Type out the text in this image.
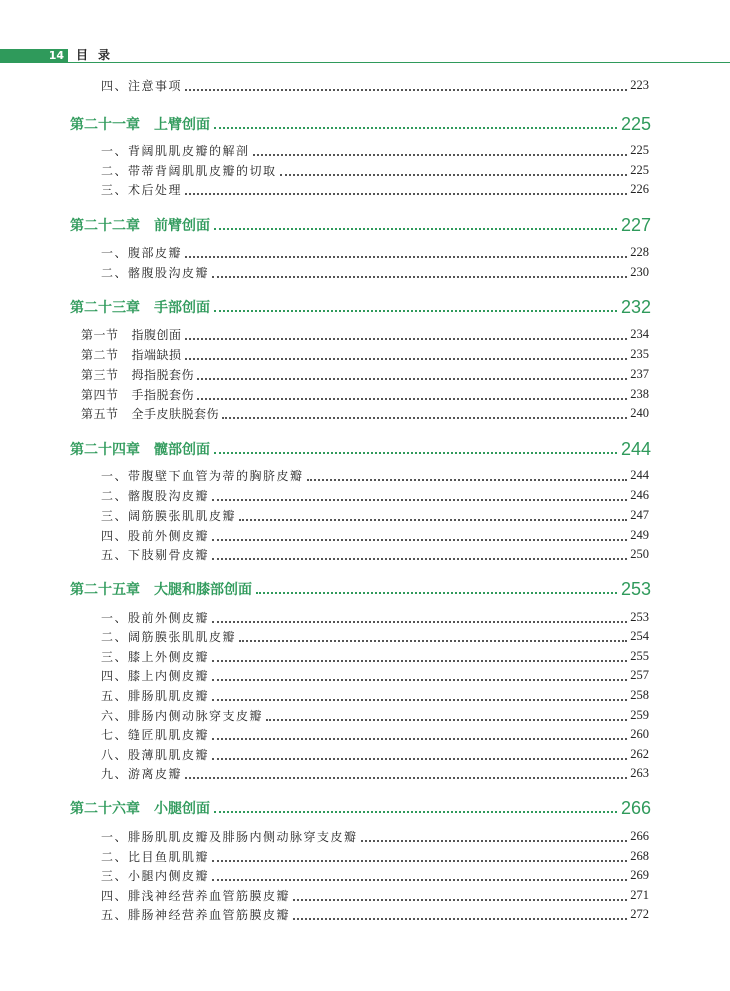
14	目录
四、注意事项	223
第二十一章 上臂创面	225
一、背阔肌肌皮瓣的解剖	225
二、带蒂背阔肌肌皮瓣的切取	225
三、术后处理	226
第二十二章 前臂创面	227
一、腹部皮瓣	228
二、髂腹股沟皮瓣	230
第二十三章 手部创面	232
第一节 指腹创面	234
第二节 指端缺损	235
第三节 拇指脱套伤	237
第四节 手指脱套伤	238
第五节 全手皮肤脱套伤	240
第二十四章 髋部创面	244
一、带腹壁下血管为蒂的胸脐皮瓣	244
二、髂腹股沟皮瓣	246
三、阔筋膜张肌肌皮瓣	247
四、股前外侧皮瓣	249
五、下肢剔骨皮瓣	250
第二十五章 大腿和膝部创面	253
一、股前外侧皮瓣	253
二、阔筋膜张肌肌皮瓣	254
三、膝上外侧皮瓣	255
四、膝上内侧皮瓣	257
五、腓肠肌肌皮瓣	258
六、腓肠内侧动脉穿支皮瓣	259
七、缝匠肌肌皮瓣	260
八、股薄肌肌皮瓣	262
九、游离皮瓣	263
第二十六章 小腿创面	266
一、腓肠肌肌皮瓣及腓肠内侧动脉穿支皮瓣	266
二、比目鱼肌肌瓣	268
三、小腿内侧皮瓣	269
四、腓浅神经营养血管筋膜皮瓣	271
五、腓肠神经营养血管筋膜皮瓣	272
